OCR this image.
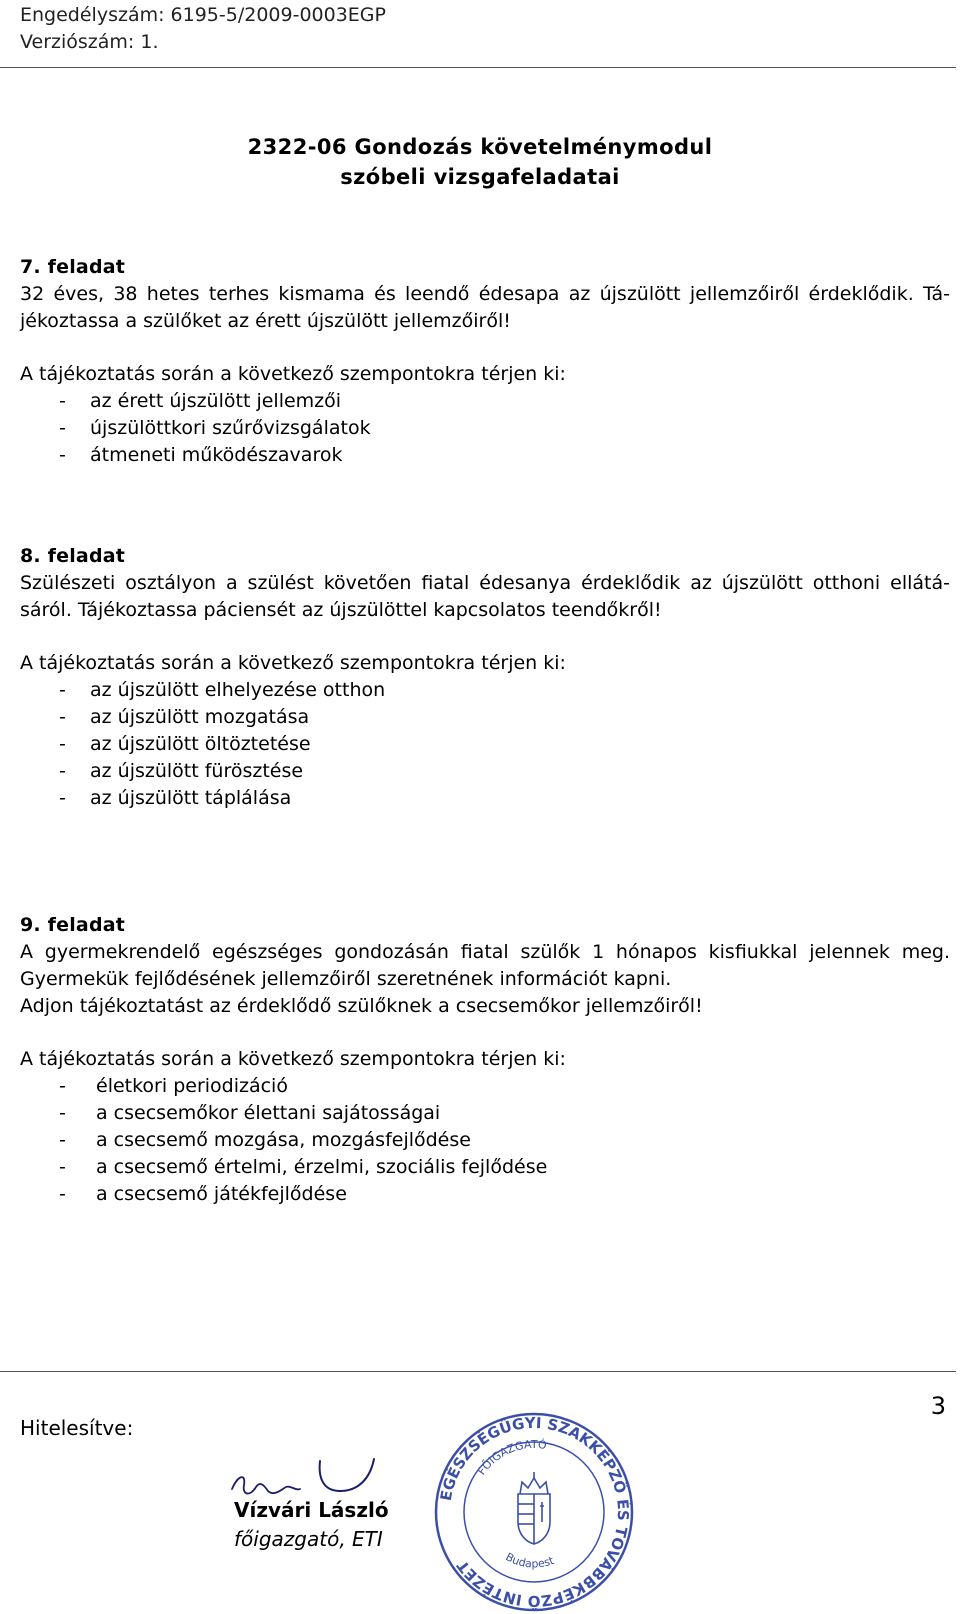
Engedélyszám: 6195-5/2009-0003EGP
Verziószám: 1.
2322-06 Gondozás követelménymodul
szóbeli vizsgafeladatai
7. feladat

32 éves, 38 hetes terhes kismama és leendő édesapa az újszülött jellemzőiről érdeklődik. Tá-jékoztassa a szülőket az érett újszülött jellemzőiről!

A tájékoztatás során a következő szempontokra térjen ki:
- az érett újszülött jellemzői
- újszülöttkori szűrővizsgálatok
- átmeneti működészavarok
8. feladat

Szülészeti osztályon a szülést követően fiatal édesanya érdeklődik az újszülött otthoni ellátá-sáról. Tájékoztassa páciensét az újszülöttel kapcsolatos teendőkről!

A tájékoztatás során a következő szempontokra térjen ki:
- az újszülött elhelyezése otthon
- az újszülött mozgatása
- az újszülött öltöztetése
- az újszülött fürösztése
- az újszülött táplálása
9. feladat

A gyermekrendelő egészséges gondozásán fiatal szülők 1 hónapos kisfiukkal jelennek meg. Gyermekük fejlődésének jellemzőiről szeretnének információt kapni.

Adjon tájékoztatást az érdeklődő szülőknek a csecsemőkor jellemzőiről!

A tájékoztatás során a következő szempontokra térjen ki:
- életkori periodizáció
- a csecsemőkor élettani sajátosságai
- a csecsemő mozgása, mozgásfejlődése
- a csecsemő értelmi, érzelmi, szociális fejlődése
- a csecsemő játékfejlődése
3
Hitelesítve:
Vízvári László
főigazgató, ETI
EGÉSZSÉGÜGYI SZAKKÉPZŐ ÉS TOVÁBBKÉPZŐ INTÉZET
FŐIGAZGATÓ
Budapest
